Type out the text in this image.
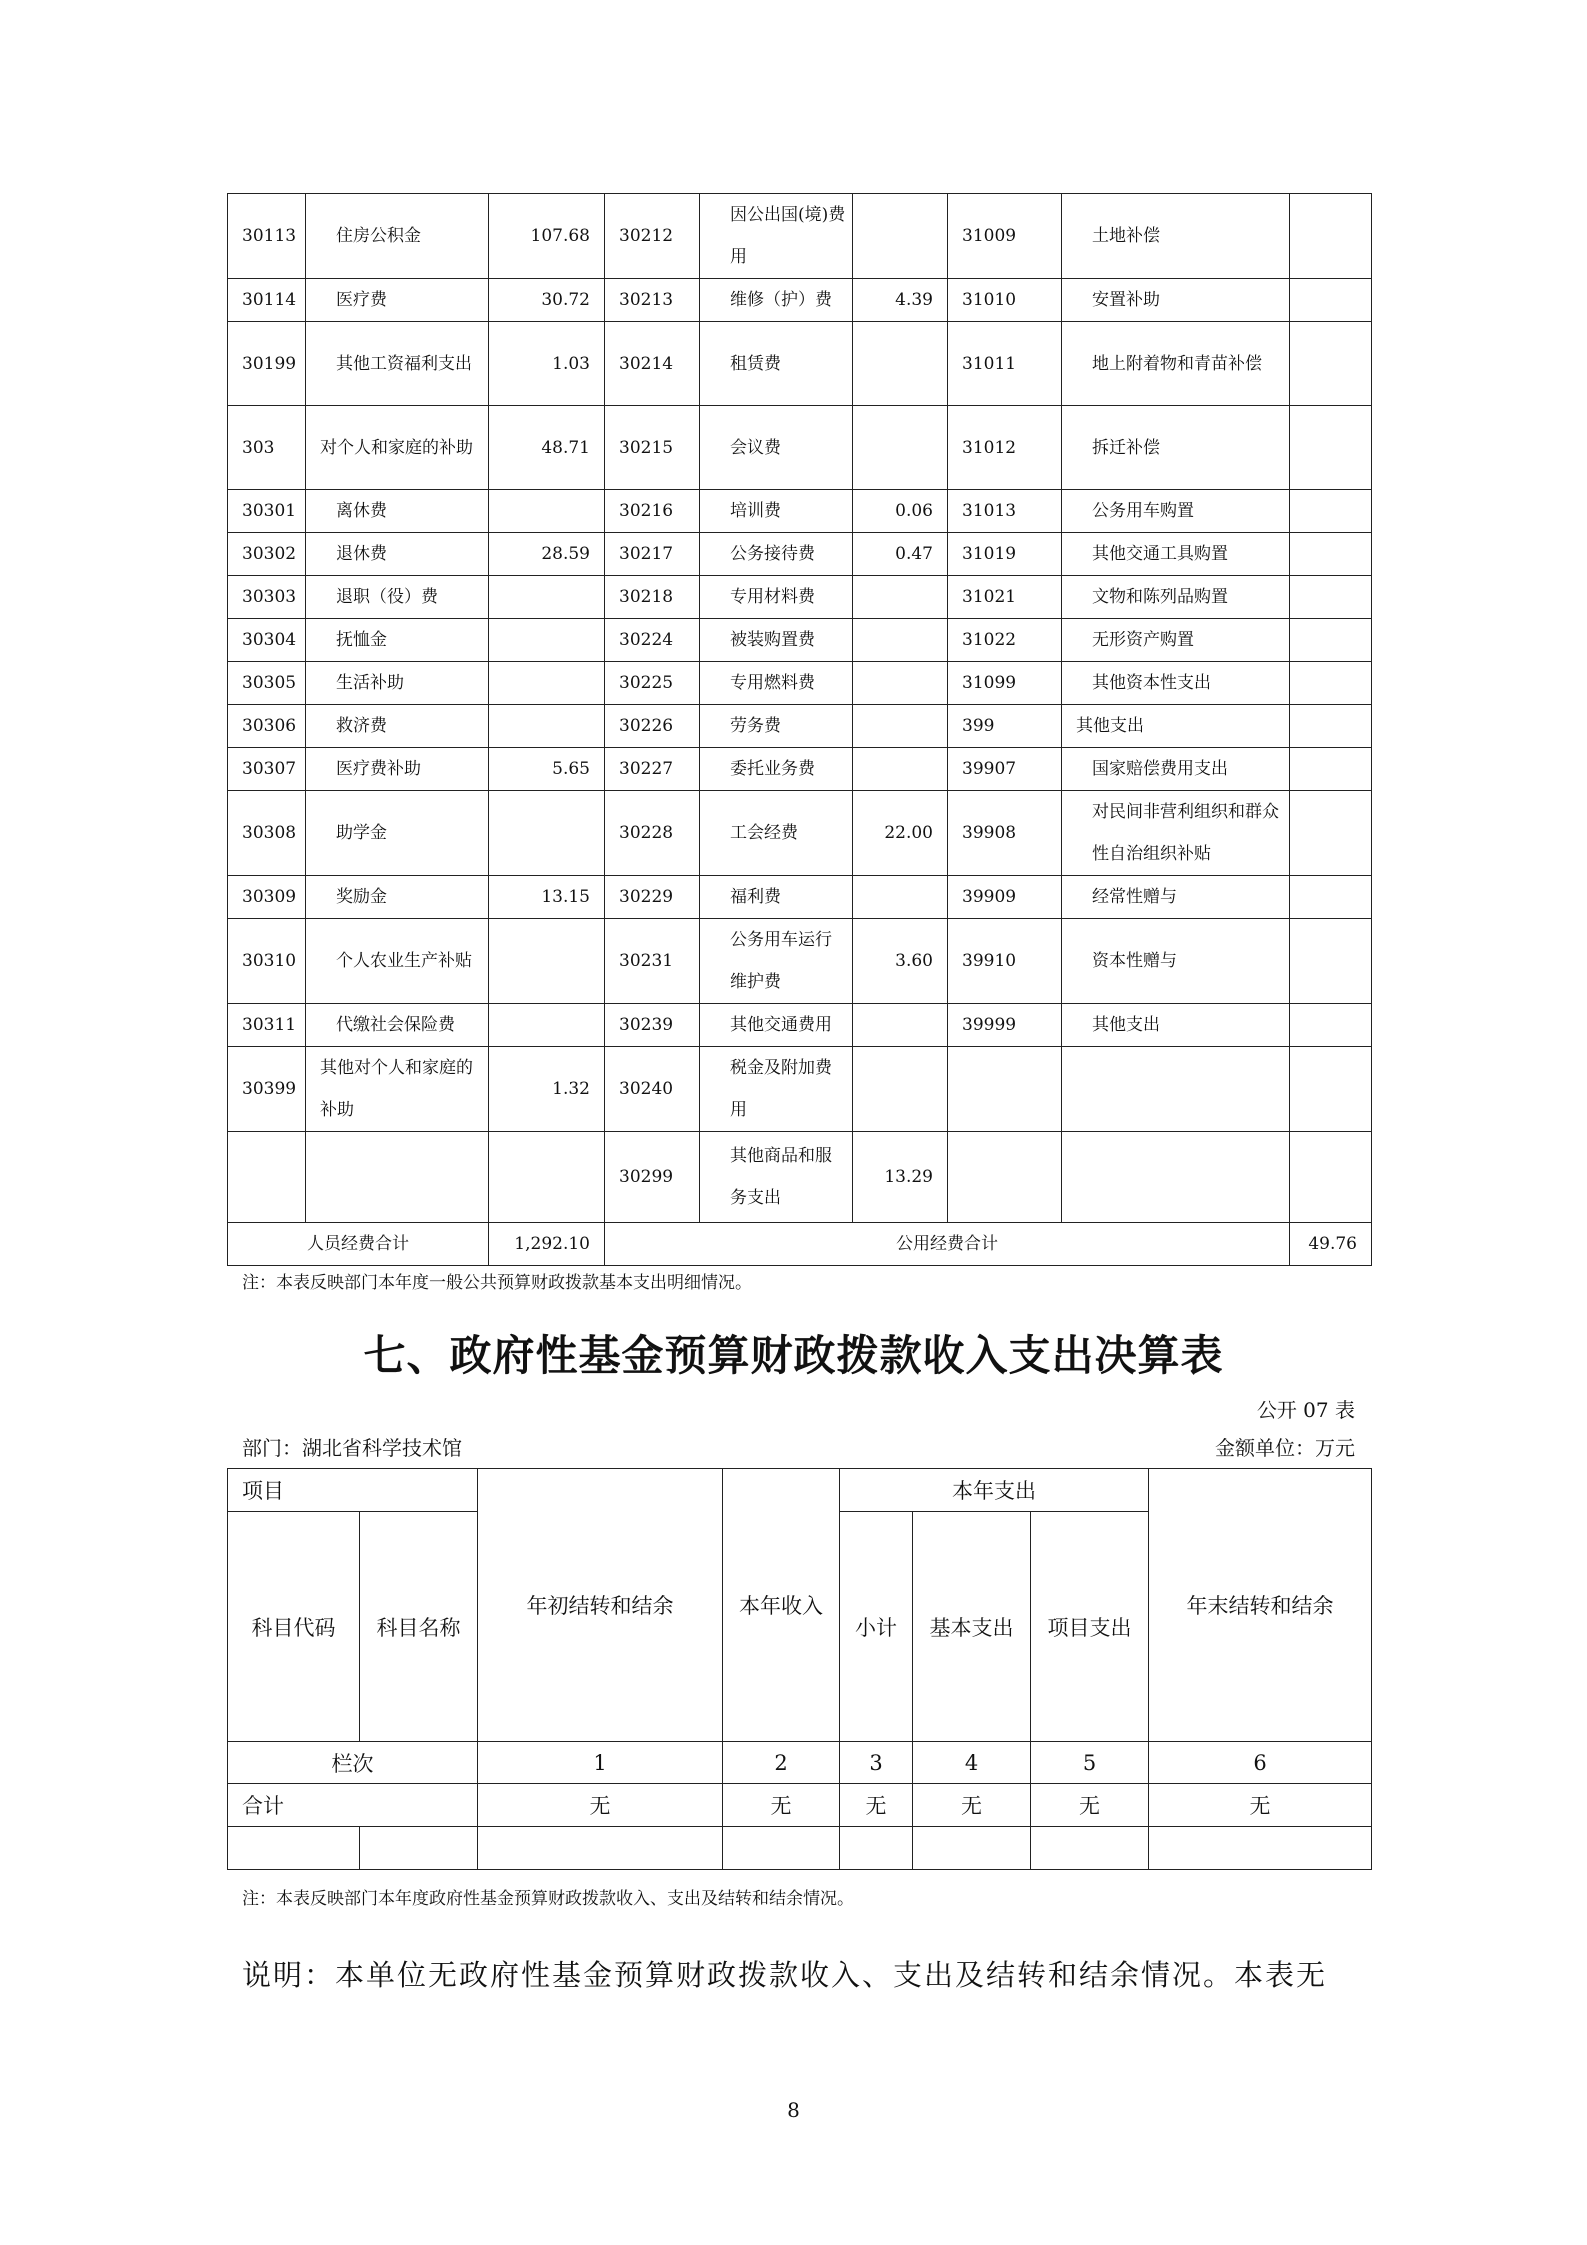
30113	住房公积金	107.68	30212	因公出国(境)费用		31009	土地补偿	
30114	医疗费	30.72	30213	维修（护）费	4.39	31010	安置补助	
30199	其他工资福利支出	1.03	30214	租赁费		31011	地上附着物和青苗补偿	
303	对个人和家庭的补助	48.71	30215	会议费		31012	拆迁补偿	
30301	离休费		30216	培训费	0.06	31013	公务用车购置	
30302	退休费	28.59	30217	公务接待费	0.47	31019	其他交通工具购置	
30303	退职（役）费		30218	专用材料费		31021	文物和陈列品购置	
30304	抚恤金		30224	被装购置费		31022	无形资产购置	
30305	生活补助		30225	专用燃料费		31099	其他资本性支出	
30306	救济费		30226	劳务费		399	其他支出	
30307	医疗费补助	5.65	30227	委托业务费		39907	国家赔偿费用支出	
30308	助学金		30228	工会经费	22.00	39908	对民间非营利组织和群众性自治组织补贴	
30309	奖励金	13.15	30229	福利费		39909	经常性赠与	
30310	个人农业生产补贴		30231	公务用车运行维护费	3.60	39910	资本性赠与	
30311	代缴社会保险费		30239	其他交通费用		39999	其他支出	
30399	其他对个人和家庭的补助	1.32	30240	税金及附加费用				
			30299	其他商品和服务支出	13.29			
人员经费合计		1,292.10	公用经费合计					49.76
注：本表反映部门本年度一般公共预算财政拨款基本支出明细情况。
七、政府性基金预算财政拨款收入支出决算表
公开 07 表
部门：湖北省科学技术馆	金额单位：万元
项目		年初结转和结余	本年收入	本年支出			年末结转和结余
科目代码	科目名称			小计	基本支出	项目支出	
栏次		1	2	3	4	5	6
合计		无	无	无	无	无	无

注：本表反映部门本年度政府性基金预算财政拨款收入、支出及结转和结余情况。
说明：本单位无政府性基金预算财政拨款收入、支出及结转和结余情况。本表无
8
